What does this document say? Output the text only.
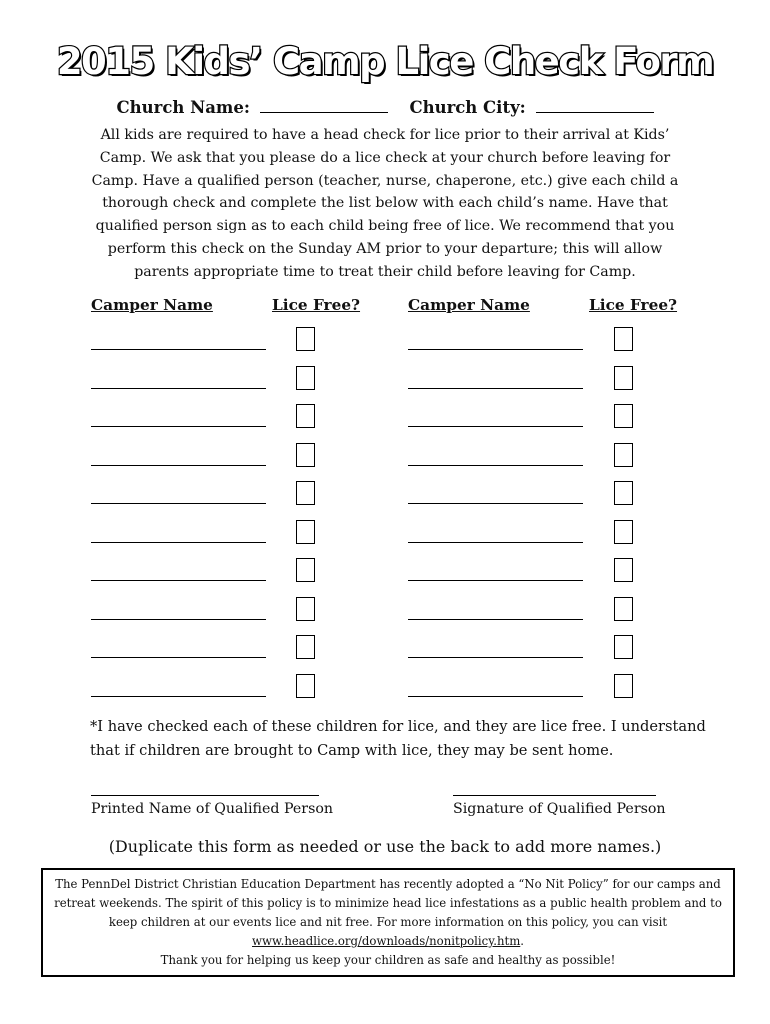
2015 Kids’ Camp Lice Check Form
Church Name:	Church City:
All kids are required to have a head check for lice prior to their arrival at Kids’
Camp. We ask that you please do a lice check at your church before leaving for
Camp. Have a qualified person (teacher, nurse, chaperone, etc.) give each child a
thorough check and complete the list below with each child’s name. Have that
qualified person sign as to each child being free of lice. We recommend that you
perform this check on the Sunday AM prior to your departure; this will allow
parents appropriate time to treat their child before leaving for Camp.
Camper Name	Lice Free?	Camper Name	Lice Free?
*I have checked each of these children for lice, and they are lice free. I understand that if children are brought to Camp with lice, they may be sent home.
Printed Name of Qualified Person	Signature of Qualified Person
(Duplicate this form as needed or use the back to add more names.)

The PennDel District Christian Education Department has recently adopted a “No Nit Policy” for our camps and

retreat weekends. The spirit of this policy is to minimize head lice infestations as a public health problem and to

keep children at our events lice and nit free. For more information on this policy, you can visit

www.headlice.org/downloads/nonitpolicy.htm.

Thank you for helping us keep your children as safe and healthy as possible!
